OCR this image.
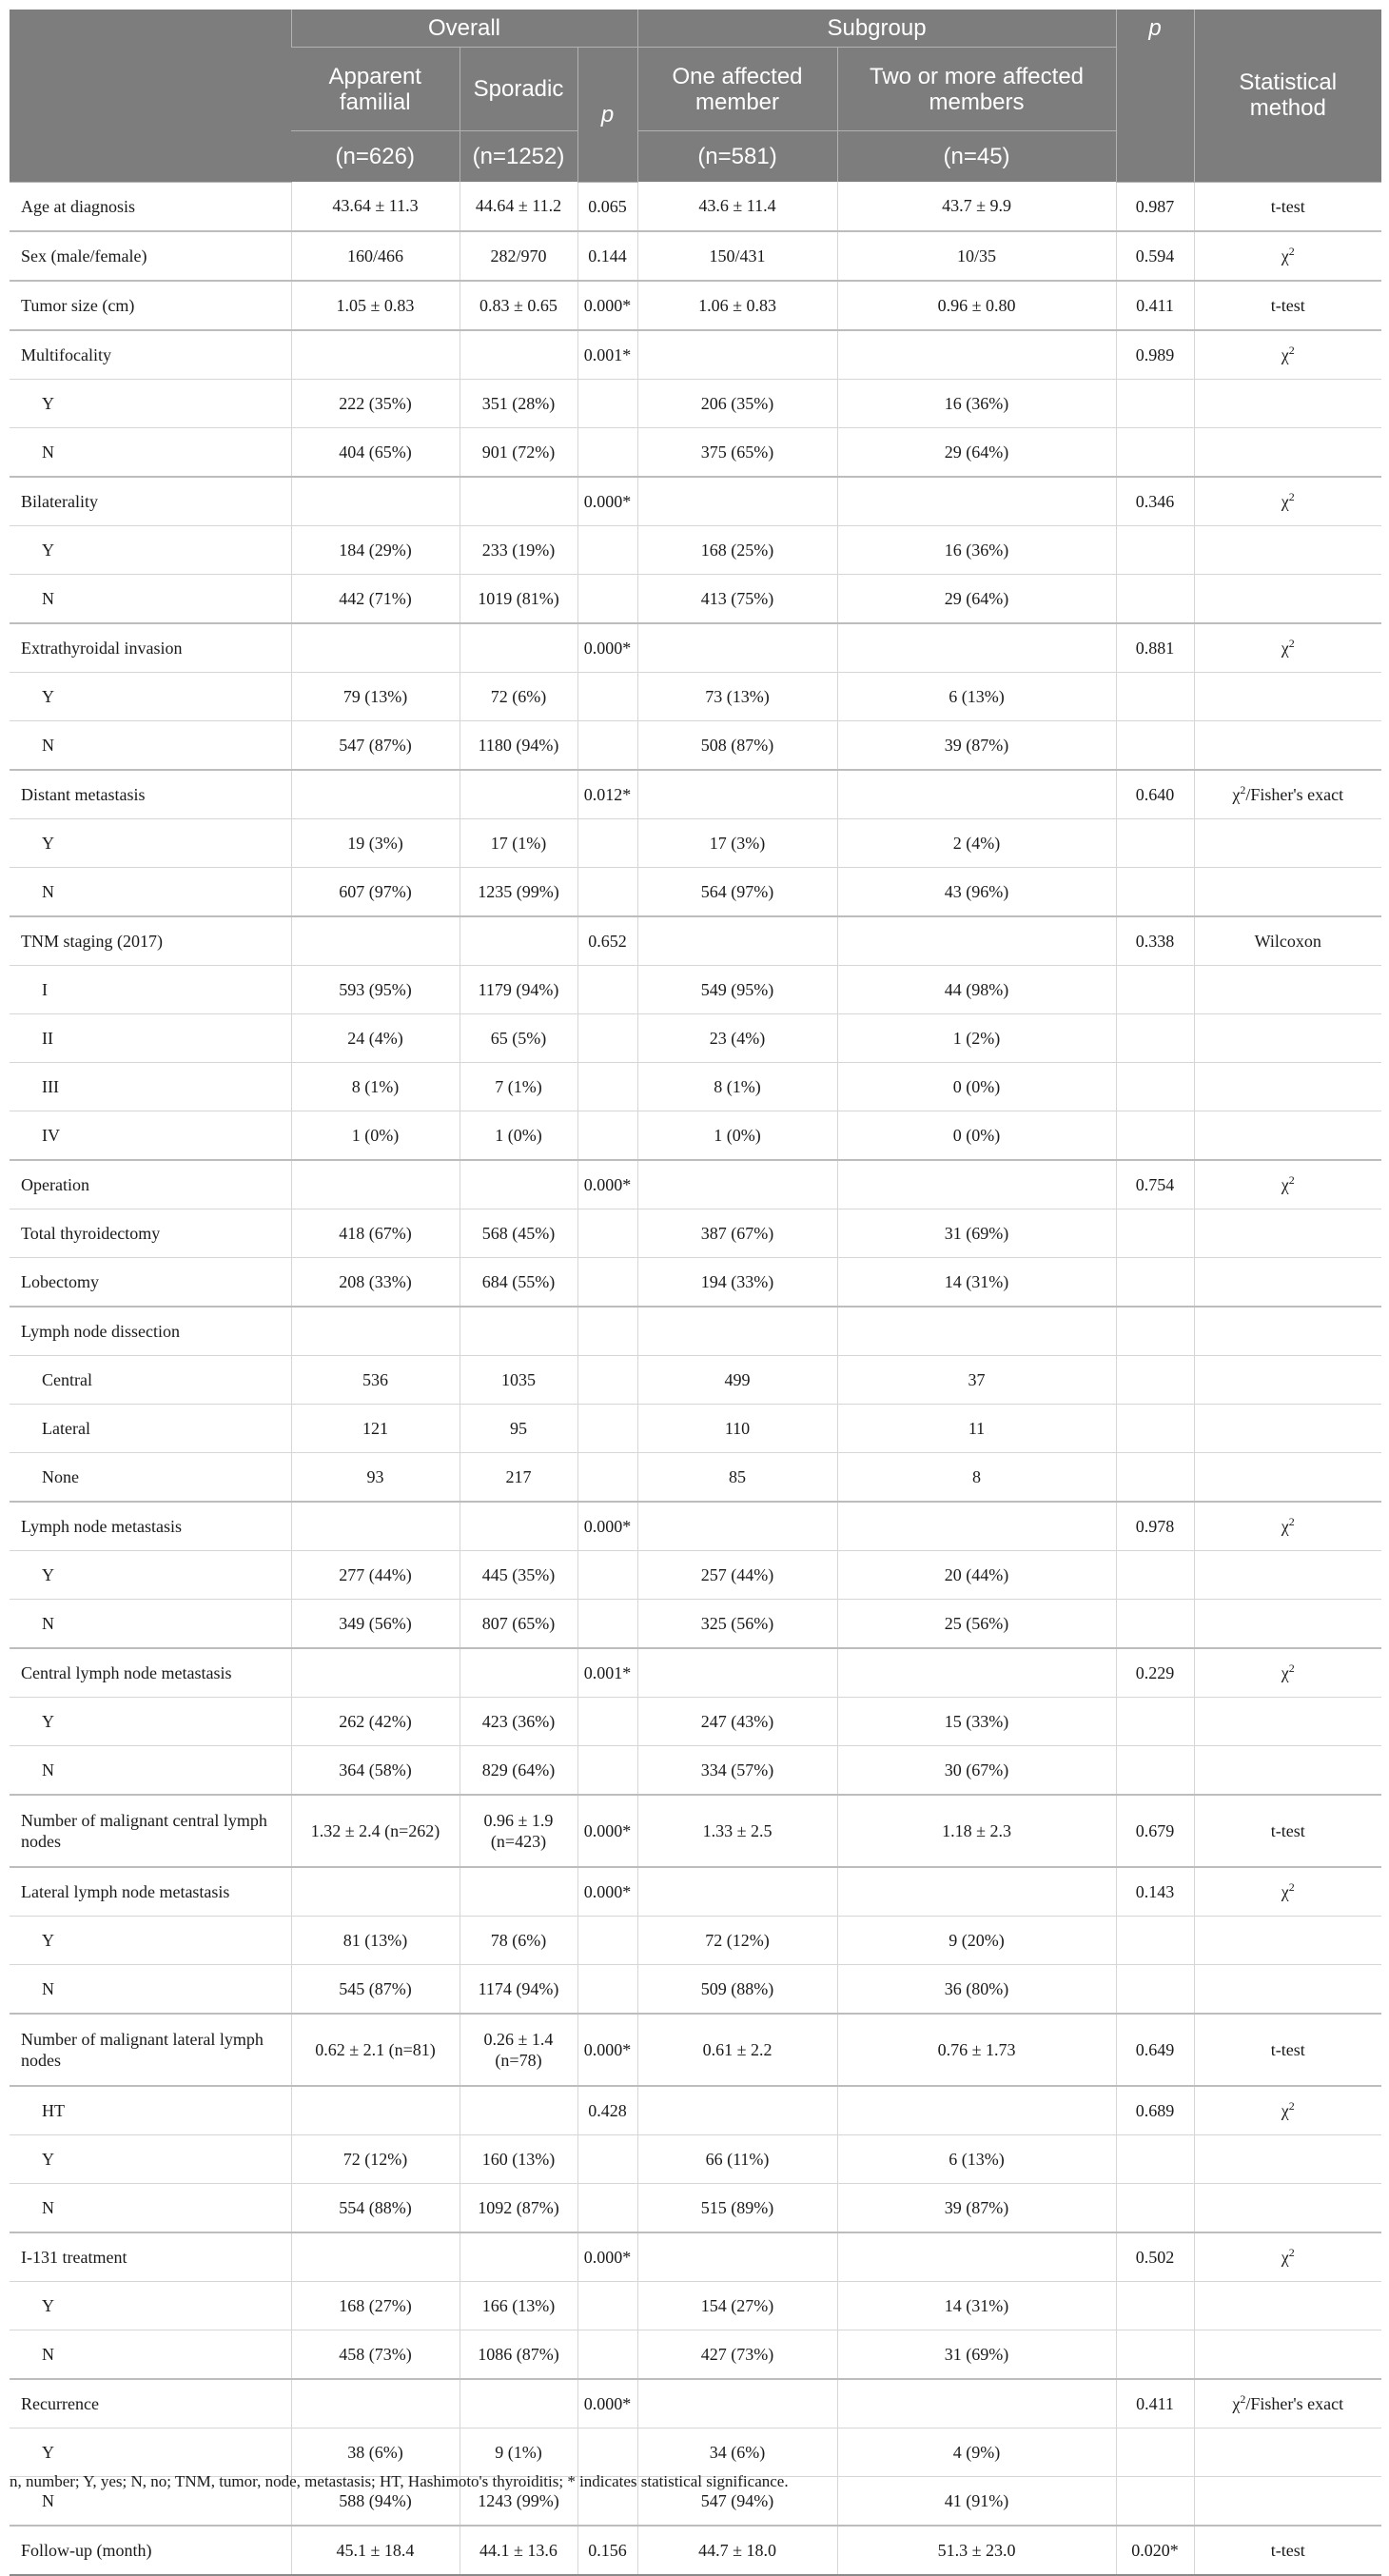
	Overall			Subgroup		p	Statistical method
	Apparent familial	Sporadic	p	One affected member	Two or more affected members		
	(n=626)	(n=1252)		(n=581)	(n=45)		
Age at diagnosis	43.64 ± 11.3	44.64 ± 11.2	0.065	43.6 ± 11.4	43.7 ± 9.9	0.987	t-test
Sex (male/female)	160/466	282/970	0.144	150/431	10/35	0.594	$\chi^2$
Tumor size (cm)	1.05 ± 0.83	0.83 ± 0.65	0.000*	1.06 ± 0.83	0.96 ± 0.80	0.411	t-test
Multifocality			0.001*			0.989	$\chi^2$
Y	222 (35%)	351 (28%)		206 (35%)	16 (36%)		
N	404 (65%)	901 (72%)		375 (65%)	29 (64%)		
Bilaterality			0.000*			0.346	$\chi^2$
Y	184 (29%)	233 (19%)		168 (25%)	16 (36%)		
N	442 (71%)	1019 (81%)		413 (75%)	29 (64%)		
Extrathyroidal invasion			0.000*			0.881	$\chi^2$
Y	79 (13%)	72 (6%)		73 (13%)	6 (13%)		
N	547 (87%)	1180 (94%)		508 (87%)	39 (87%)		
Distant metastasis			0.012*			0.640	$\chi^2/Fisher's$ exact
Y	19 (3%)	17 (1%)		17 (3%)	2 (4%)		
N	607 (97%)	1235 (99%)		564 (97%)	43 (96%)		
TNM staging (2017)			0.652			0.338	Wilcoxon
I	593 (95%)	1179 (94%)		549 (95%)	44 (98%)		
II	24 (4%)	65 (5%)		23 (4%)	1 (2%)		
III	8 (1%)	7 (1%)		8 (1%)	0 (0%)		
IV	1 (0%)	1 (0%)		1 (0%)	0 (0%)		
Operation			0.000*			0.754	$\chi^2$
Total thyroidectomy	418 (67%)	568 (45%)		387 (67%)	31 (69%)		
Lobectomy	208 (33%)	684 (55%)		194 (33%)	14 (31%)		
Lymph node dissection							
Central	536	1035		499	37		
Lateral	121	95		110	11		
None	93	217		85	8		
Lymph node metastasis			0.000*			0.978	$\chi^2$
Y	277 (44%)	445 (35%)		257 (44%)	20 (44%)		
N	349 (56%)	807 (65%)		325 (56%)	25 (56%)		
Central lymph node metastasis			0.001*			0.229	$\chi^2$
Y	262 (42%)	423 (36%)		247 (43%)	15 (33%)		
N	364 (58%)	829 (64%)		334 (57%)	30 (67%)		
Number of malignant central lymph nodes	1.32 ± 2.4 (n=262)	0.96 ± 1.9 (n=423)	0.000*	1.33 ± 2.5	1.18 ± 2.3	0.679	t-test
Lateral lymph node metastasis			0.000*			0.143	$\chi^2$
Y	81 (13%)	78 (6%)		72 (12%)	9 (20%)		
N	545 (87%)	1174 (94%)		509 (88%)	36 (80%)		
Number of malignant lateral lymph nodes	0.62 ± 2.1 (n=81)	0.26 ± 1.4 (n=78)	0.000*	0.61 ± 2.2	0.76 ± 1.73	0.649	t-test
HT			0.428			0.689	$\chi^2$
Y	72 (12%)	160 (13%)		66 (11%)	6 (13%)		
N	554 (88%)	1092 (87%)		515 (89%)	39 (87%)		
I-131 treatment			0.000*			0.502	$\chi^2$
Y	168 (27%)	166 (13%)		154 (27%)	14 (31%)		
N	458 (73%)	1086 (87%)		427 (73%)	31 (69%)		
Recurrence			0.000*			0.411	$\chi^2/Fisher's$ exact
Y	38 (6%)	9 (1%)		34 (6%)	4 (9%)		
N	588 (94%)	1243 (99%)		547 (94%)	41 (91%)		
Follow-up (month)	45.1 ± 18.4	44.1 ± 13.6	0.156	44.7 ± 18.0	51.3 ± 23.0	0.020*	t-test
n, number; Y, yes; N, no; TNM, tumor, node, metastasis; HT, Hashimoto's thyroiditis; * indicates statistical significance.
